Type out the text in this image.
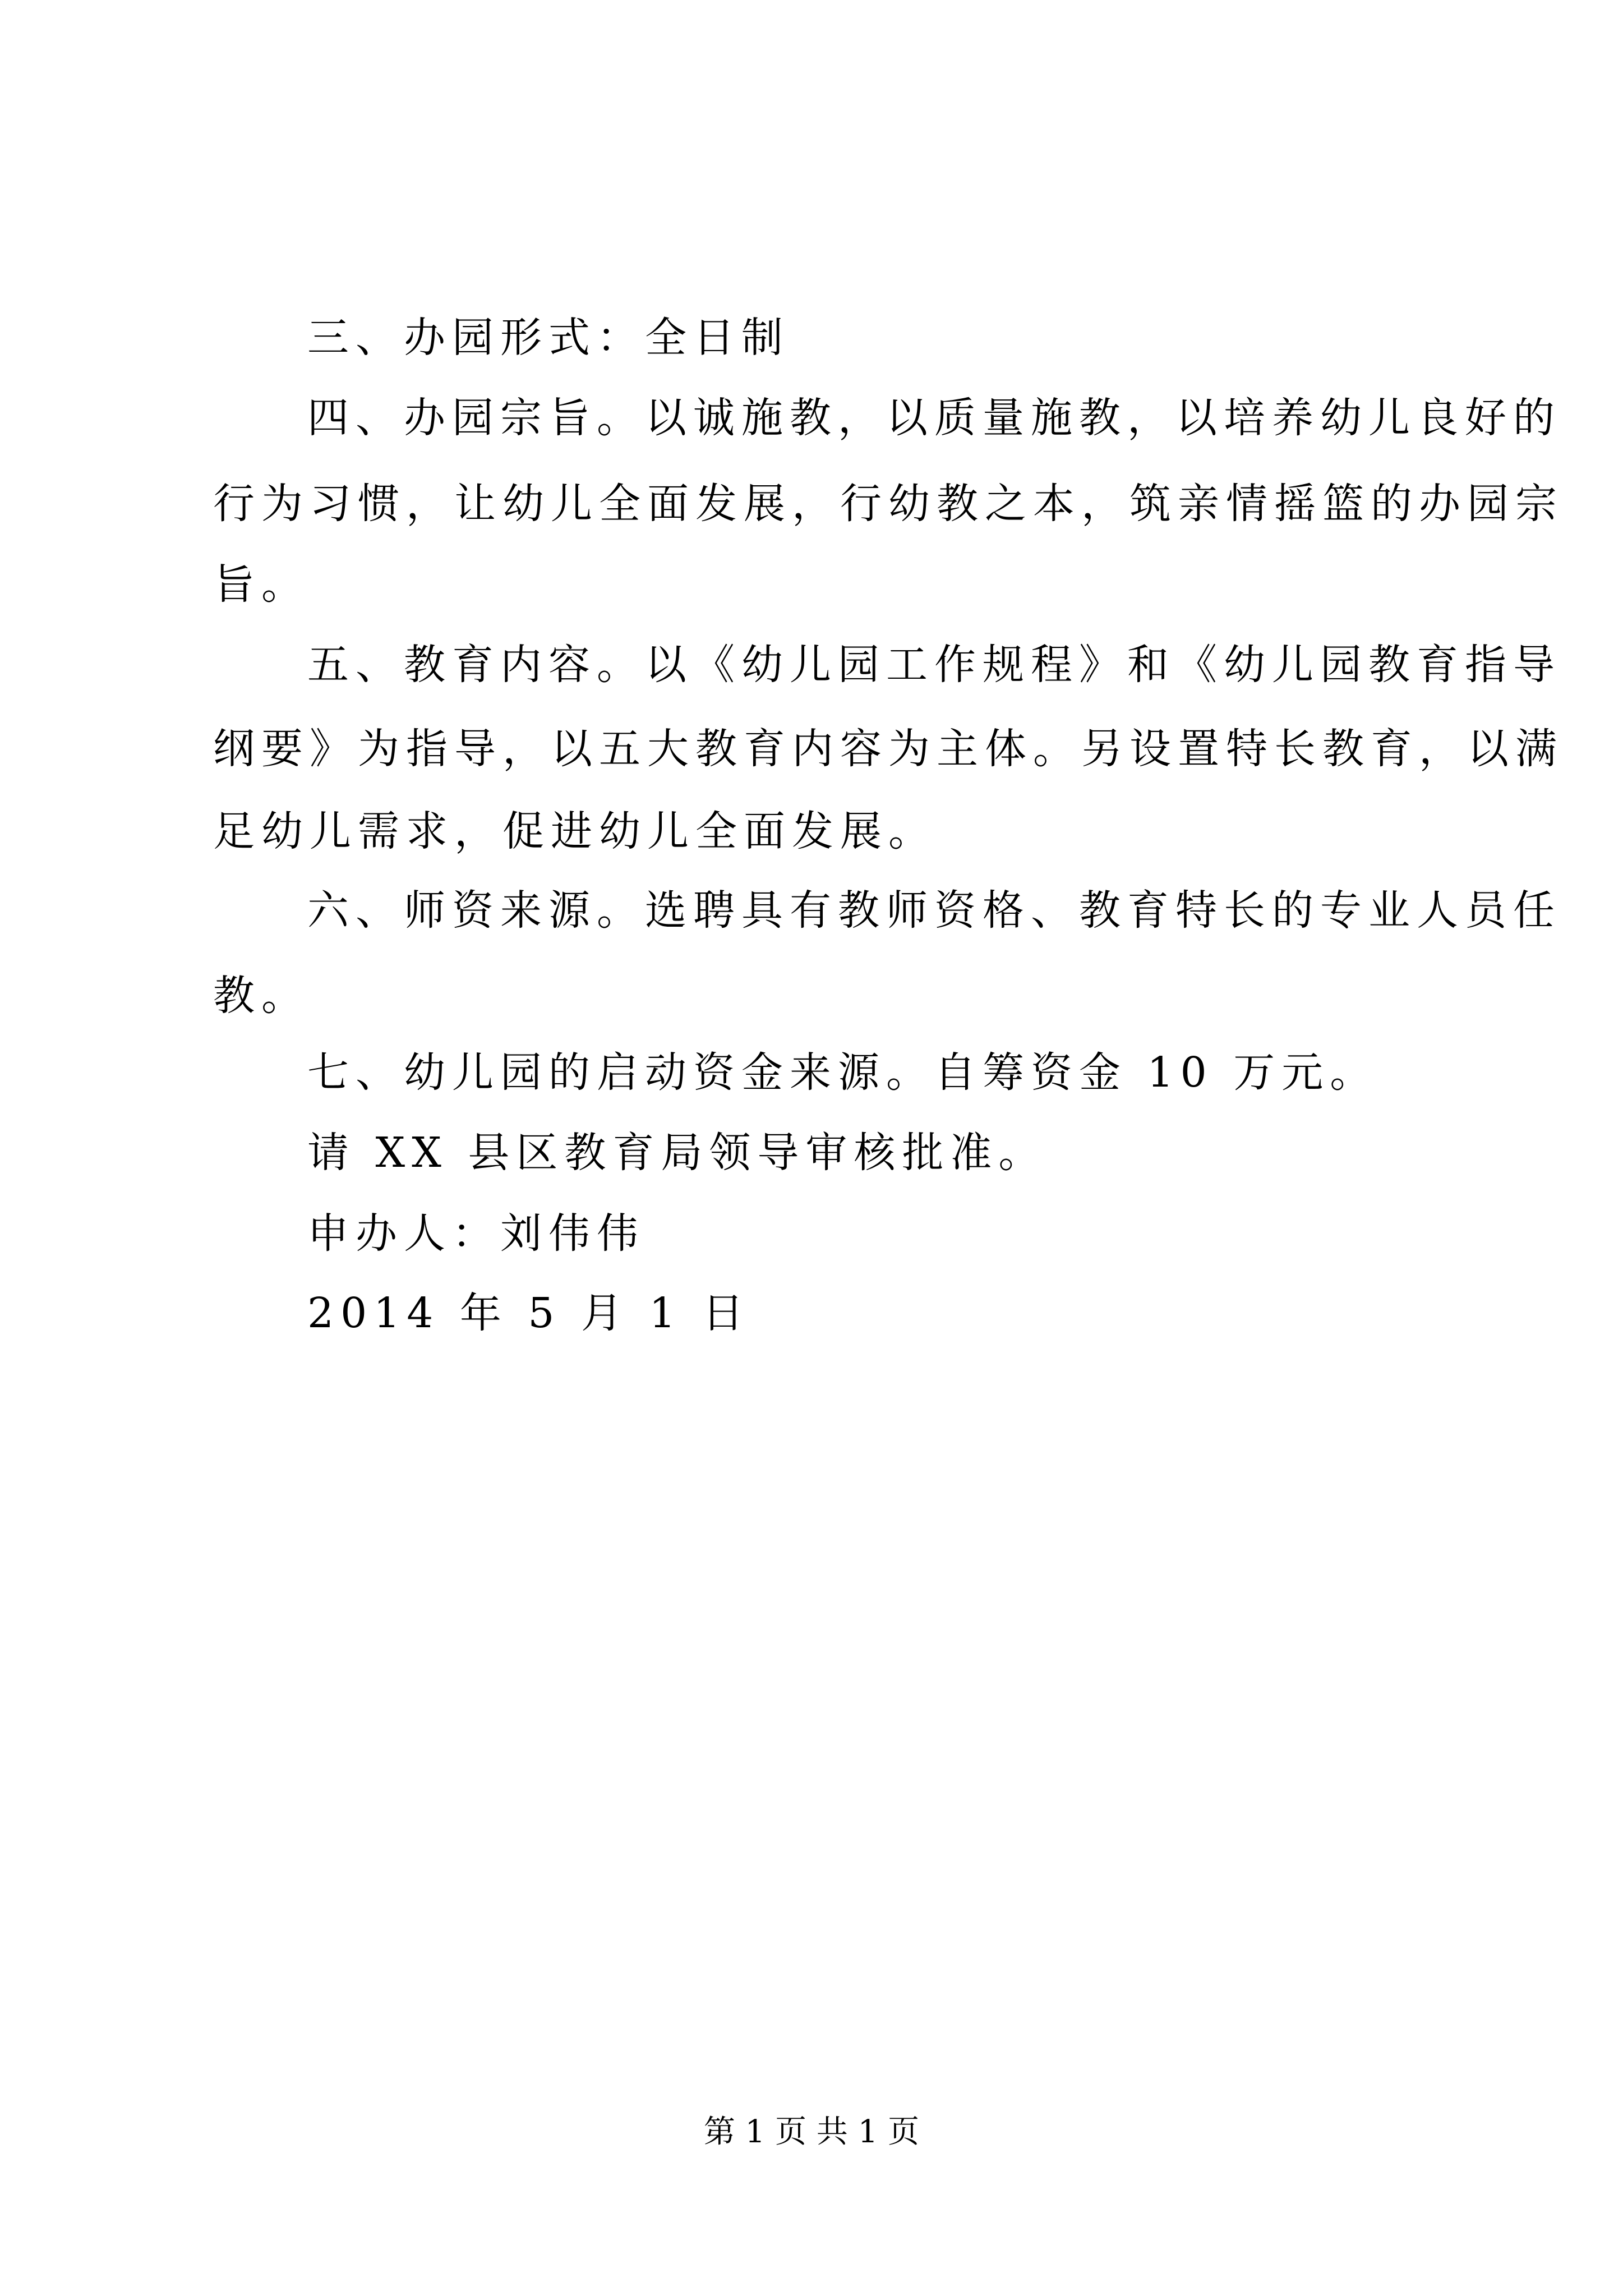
三、办园形式：全日制
四、办园宗旨。以诚施教，以质量施教，以培养幼儿良好的
行为习惯，让幼儿全面发展，行幼教之本，筑亲情摇篮的办园宗
旨。
五、教育内容。以《幼儿园工作规程》和《幼儿园教育指导
纲要》为指导，以五大教育内容为主体。另设置特长教育，以满
足幼儿需求，促进幼儿全面发展。
六、师资来源。选聘具有教师资格、教育特长的专业人员任
教。
七、幼儿园的启动资金来源。自筹资金 10 万元。
请 XX 县区教育局领导审核批准。
申办人：刘伟伟
2014 年 5 月 1 日
第 1 页 共 1 页
